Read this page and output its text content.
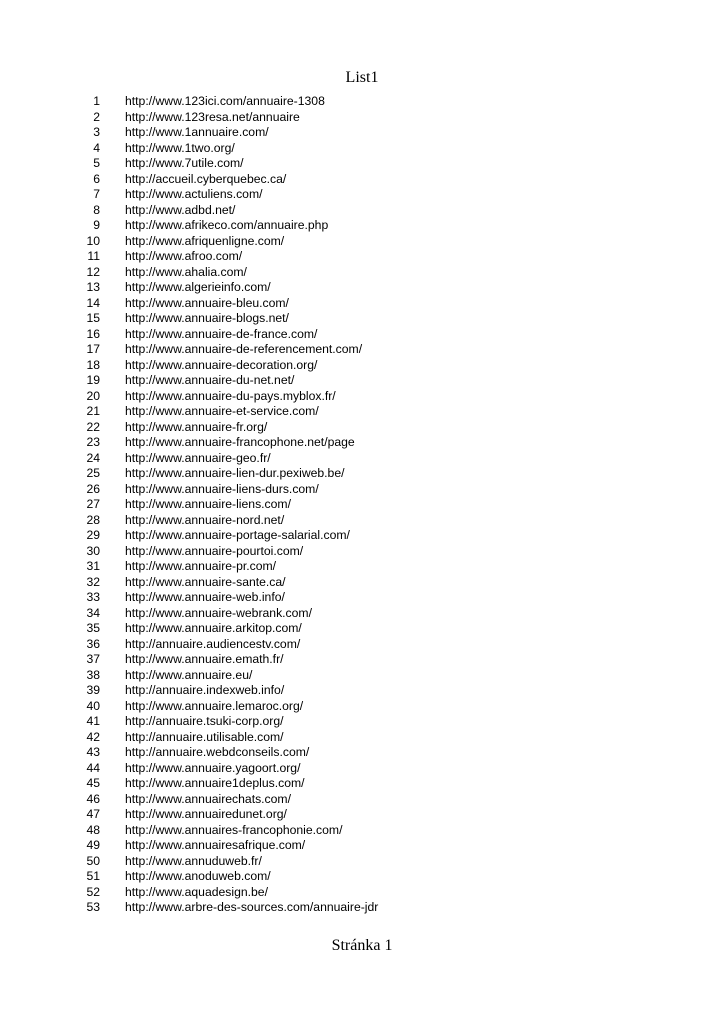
List1
1 http://www.123ici.com/annuaire-1308
2 http://www.123resa.net/annuaire
3 http://www.1annuaire.com/
4 http://www.1two.org/
5 http://www.7utile.com/
6 http://accueil.cyberquebec.ca/
7 http://www.actuliens.com/
8 http://www.adbd.net/
9 http://www.afrikeco.com/annuaire.php
10 http://www.afriquenligne.com/
11 http://www.afroo.com/
12 http://www.ahalia.com/
13 http://www.algerieinfo.com/
14 http://www.annuaire-bleu.com/
15 http://www.annuaire-blogs.net/
16 http://www.annuaire-de-france.com/
17 http://www.annuaire-de-referencement.com/
18 http://www.annuaire-decoration.org/
19 http://www.annuaire-du-net.net/
20 http://www.annuaire-du-pays.myblox.fr/
21 http://www.annuaire-et-service.com/
22 http://www.annuaire-fr.org/
23 http://www.annuaire-francophone.net/page
24 http://www.annuaire-geo.fr/
25 http://www.annuaire-lien-dur.pexiweb.be/
26 http://www.annuaire-liens-durs.com/
27 http://www.annuaire-liens.com/
28 http://www.annuaire-nord.net/
29 http://www.annuaire-portage-salarial.com/
30 http://www.annuaire-pourtoi.com/
31 http://www.annuaire-pr.com/
32 http://www.annuaire-sante.ca/
33 http://www.annuaire-web.info/
34 http://www.annuaire-webrank.com/
35 http://www.annuaire.arkitop.com/
36 http://annuaire.audiencestv.com/
37 http://www.annuaire.emath.fr/
38 http://www.annuaire.eu/
39 http://annuaire.indexweb.info/
40 http://www.annuaire.lemaroc.org/
41 http://annuaire.tsuki-corp.org/
42 http://annuaire.utilisable.com/
43 http://annuaire.webdconseils.com/
44 http://www.annuaire.yagoort.org/
45 http://www.annuaire1deplus.com/
46 http://www.annuairechats.com/
47 http://www.annuairedunet.org/
48 http://www.annuaires-francophonie.com/
49 http://www.annuairesafrique.com/
50 http://www.annuduweb.fr/
51 http://www.anoduweb.com/
52 http://www.aquadesign.be/
53 http://www.arbre-des-sources.com/annuaire-jdr
Stránka 1
